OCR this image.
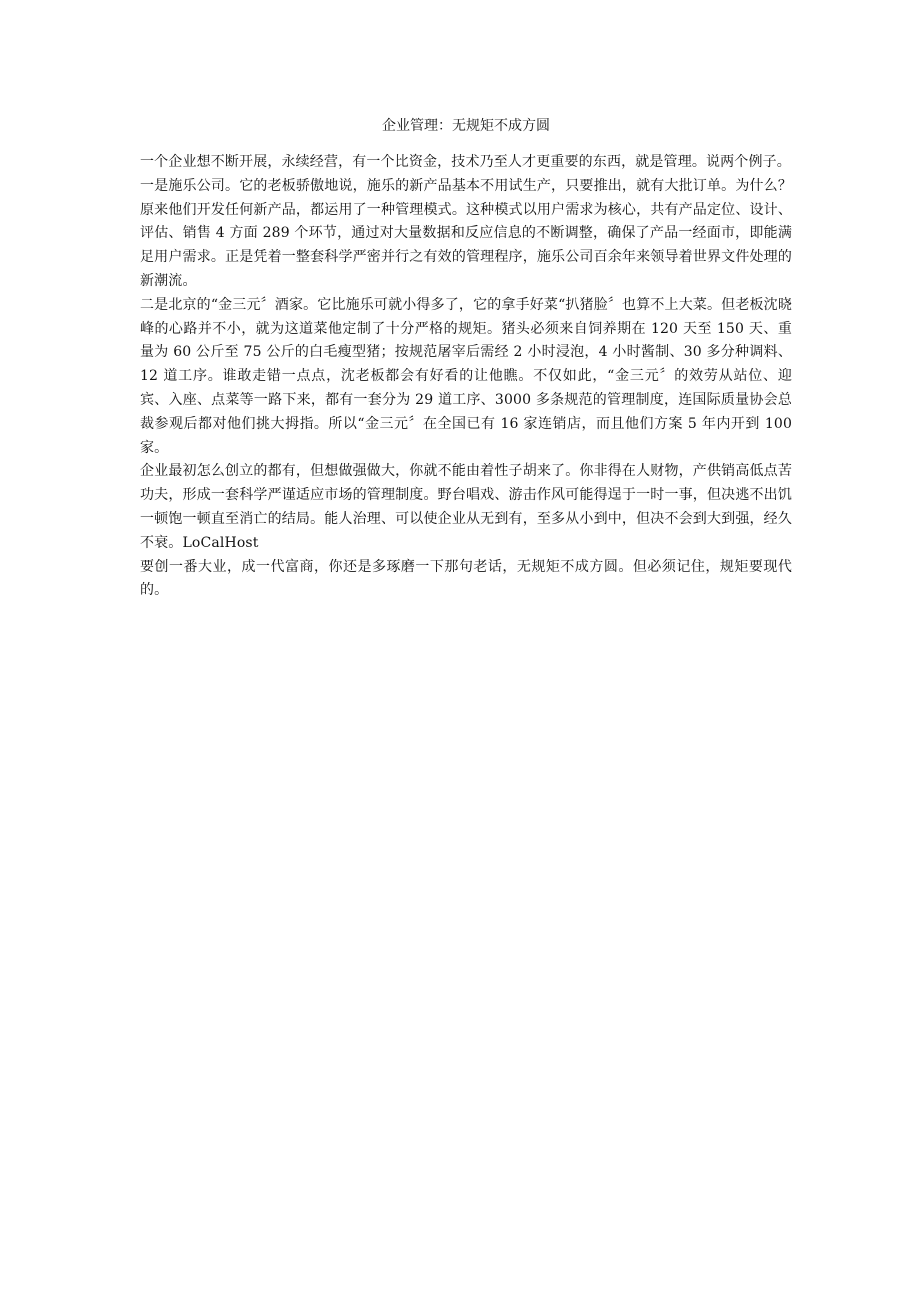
企业管理：无规矩不成方圆

一个企业想不断开展，永续经营，有一个比资金，技术乃至人才更重要的东西，就是管理。说两个例子。

一是施乐公司。它的老板骄傲地说，施乐的新产品基本不用试生产，只要推出，就有大批订单。为什么？原来他们开发任何新产品，都运用了一种管理模式。这种模式以用户需求为核心，共有产品定位、设计、评估、销售 4 方面 289 个环节，通过对大量数据和反应信息的不断调整，确保了产品一经面市，即能满足用户需求。正是凭着一整套科学严密并行之有效的管理程序，施乐公司百余年来领导着世界文件处理的新潮流。

二是北京的“金三元〞酒家。它比施乐可就小得多了，它的拿手好菜“扒猪脸〞也算不上大菜。但老板沈晓峰的心路并不小，就为这道菜他定制了十分严格的规矩。猪头必须来自饲养期在 120 天至 150 天、重量为 60 公斤至 75 公斤的白毛瘦型猪；按规范屠宰后需经 2 小时浸泡，4 小时酱制、30 多分种调料、12 道工序。谁敢走错一点点，沈老板都会有好看的让他瞧。不仅如此，“金三元〞的效劳从站位、迎宾、入座、点菜等一路下来，都有一套分为 29 道工序、3000 多条规范的管理制度，连国际质量协会总裁参观后都对他们挑大拇指。所以“金三元〞在全国已有 16 家连销店，而且他们方案 5 年内开到 100 家。

企业最初怎么创立的都有，但想做强做大，你就不能由着性子胡来了。你非得在人财物，产供销高低点苦功夫，形成一套科学严谨适应市场的管理制度。野台唱戏、游击作风可能得逞于一时一事，但决逃不出饥一顿饱一顿直至消亡的结局。能人治理、可以使企业从无到有，至多从小到中，但决不会到大到强，经久不衰。LoCalHost

要创一番大业，成一代富商，你还是多琢磨一下那句老话，无规矩不成方圆。但必须记住，规矩要现代的。
